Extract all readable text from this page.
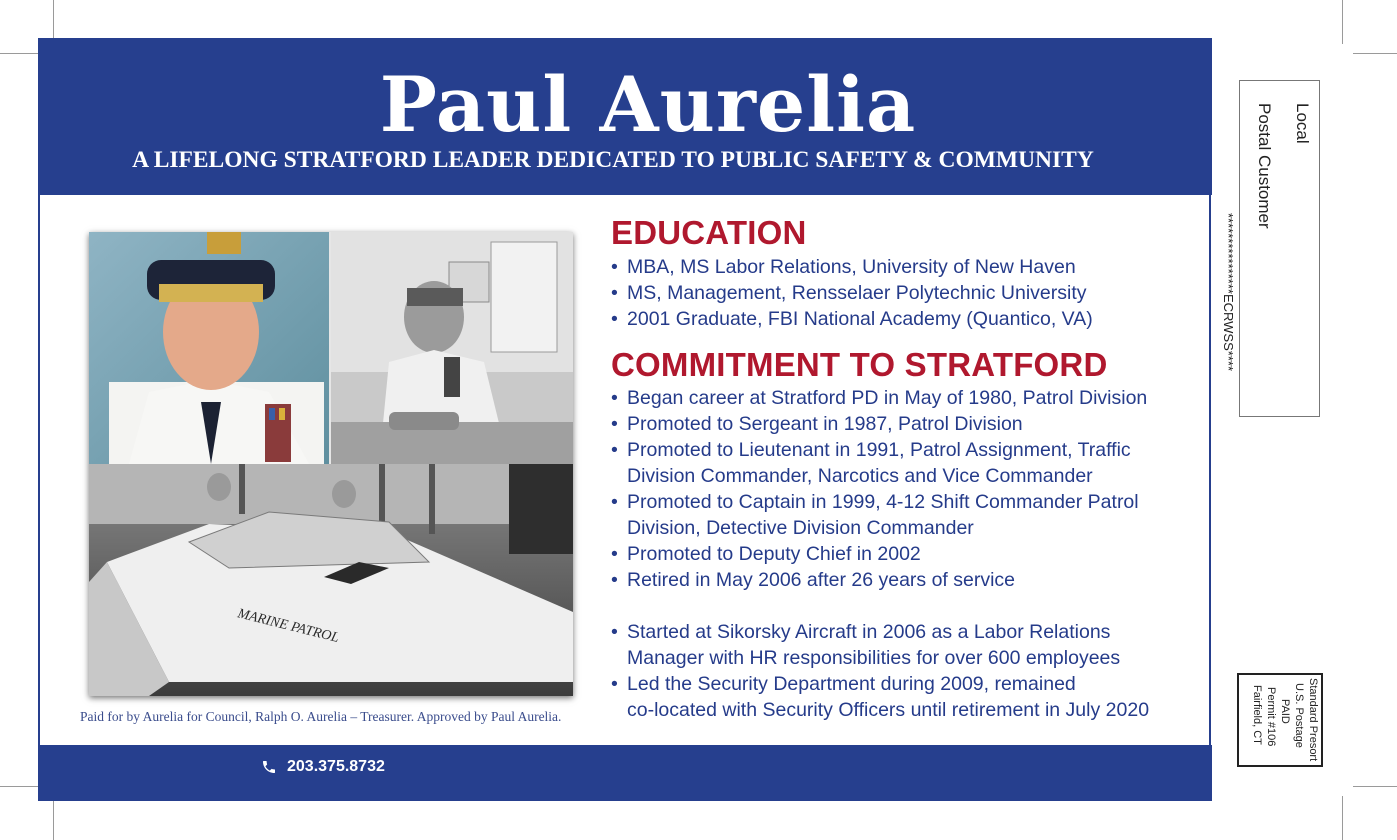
Paul Aurelia
A LIFELONG STRATFORD LEADER DEDICATED TO PUBLIC SAFETY & COMMUNITY
MARINE PATROL
Paid for by Aurelia for Council, Ralph O. Aurelia – Treasurer. Approved by Paul Aurelia.
EDUCATION
• MBA, MS Labor Relations, University of New Haven
• MS, Management, Rensselaer Polytechnic University
• 2001 Graduate, FBI National Academy (Quantico, VA)
COMMITMENT TO STRATFORD
• Began career at Stratford PD in May of 1980, Patrol Division
• Promoted to Sergeant in 1987, Patrol Division
• Promoted to Lieutenant in 1991, Patrol Assignment, Traffic
Division Commander, Narcotics and Vice Commander
• Promoted to Captain in 1999, 4-12 Shift Commander Patrol
Division, Detective Division Commander
• Promoted to Deputy Chief in 2002
• Retired in May 2006 after 26 years of service
• Started at Sikorsky Aircraft in 2006 as a Labor Relations
Manager with HR responsibilities for over 600 employees
• Led the Security Department during 2009, remained
co-located with Security Officers until retirement in July 2020
203.375.8732
Local
Postal Customer
****************ECRWSS****
Standard Presort
U.S. Postage
PAID
Permit #106
Fairfield, CT
